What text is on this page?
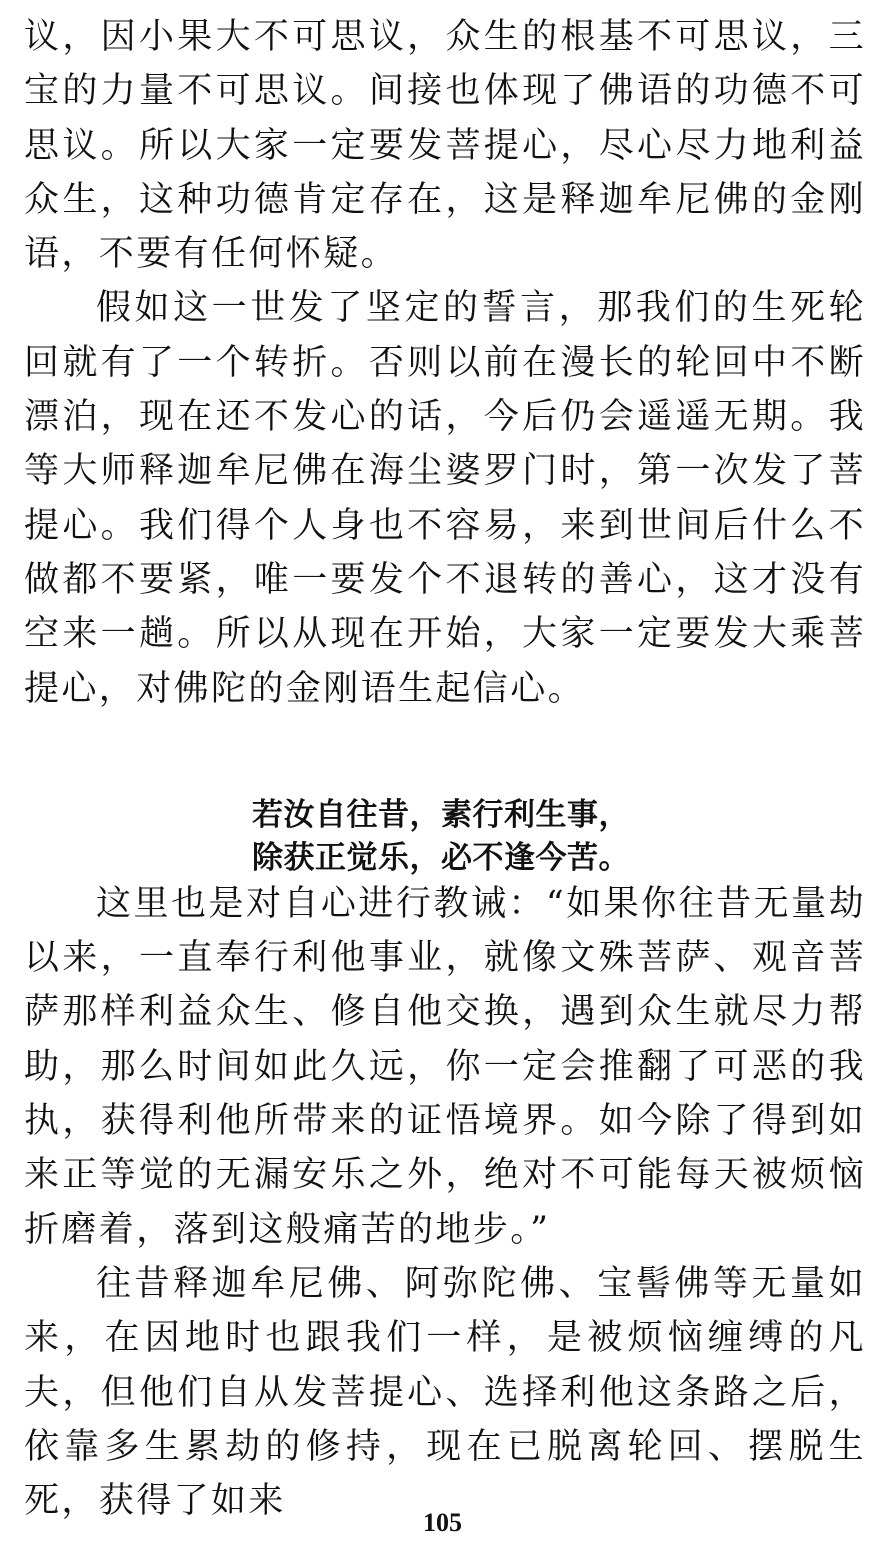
议，因小果大不可思议，众生的根基不可思议，三宝的力量不可思议。间接也体现了佛语的功德不可思议。所以大家一定要发菩提心，尽心尽力地利益众生，这种功德肯定存在，这是释迦牟尼佛的金刚语，不要有任何怀疑。

假如这一世发了坚定的誓言，那我们的生死轮回就有了一个转折。否则以前在漫长的轮回中不断漂泊，现在还不发心的话，今后仍会遥遥无期。我等大师释迦牟尼佛在海尘婆罗门时，第一次发了菩提心。我们得个人身也不容易，来到世间后什么不做都不要紧，唯一要发个不退转的善心，这才没有空来一趟。所以从现在开始，大家一定要发大乘菩提心，对佛陀的金刚语生起信心。

若汝自往昔，素行利生事，
除获正觉乐，必不逢今苦。

这里也是对自心进行教诫：“如果你往昔无量劫以来，一直奉行利他事业，就像文殊菩萨、观音菩萨那样利益众生、修自他交换，遇到众生就尽力帮助，那么时间如此久远，你一定会推翻了可恶的我执，获得利他所带来的证悟境界。如今除了得到如来正等觉的无漏安乐之外，绝对不可能每天被烦恼折磨着，落到这般痛苦的地步。”

往昔释迦牟尼佛、阿弥陀佛、宝髻佛等无量如来，在因地时也跟我们一样，是被烦恼缠缚的凡夫，但他们自从发菩提心、选择利他这条路之后，依靠多生累劫的修持，现在已脱离轮回、摆脱生死，获得了如来

105
